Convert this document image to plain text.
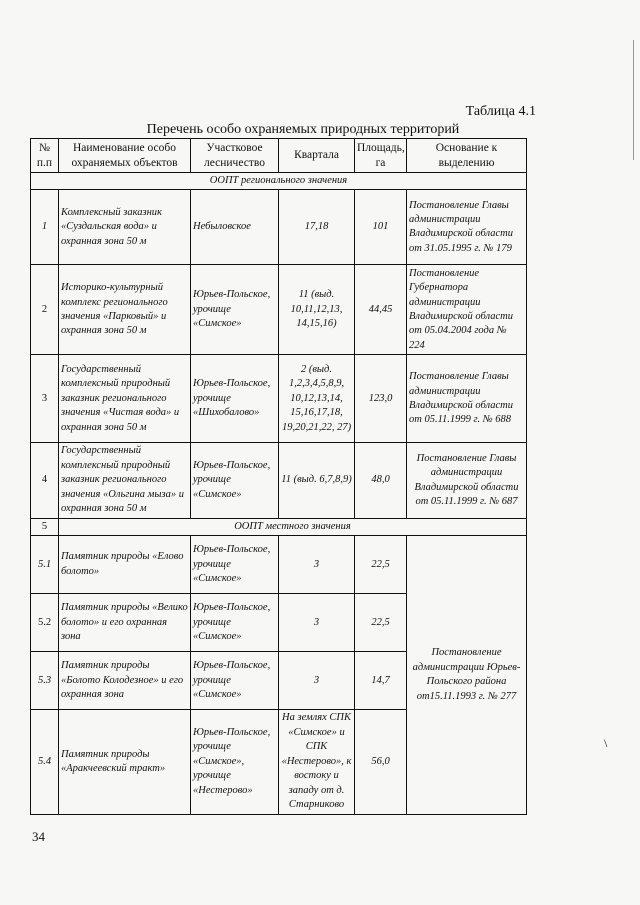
Таблица 4.1
Перечень особо охраняемых природных территорий
№ п.п	Наименование особо охраняемых объектов	Участковое лесничество	Квартала	Площадь, га	Основание к выделению
ООПТ регионального значения					
1	Комплексный заказник «Суздальская вода» и охранная зона 50 м	Небыловское	17,18	101	Постановление Главы администрации Владимирской области от 31.05.1995 г. № 179
2	Историко-культурный комплекс регионального значения «Парковый» и охранная зона 50 м	Юрьев-Польское, урочище «Симское»	11 (выд. 10,11,12,13, 14,15,16)	44,45	Постановление Губернатора администрации Владимирской области от 05.04.2004 года № 224
3	Государственный комплексный природный заказник регионального значения «Чистая вода» и охранная зона 50 м	Юрьев-Польское, урочище «Шихобалово»	2 (выд. 1,2,3,4,5,8,9, 10,12,13,14, 15,16,17,18, 19,20,21,22, 27)	123,0	Постановление Главы администрации Владимирской области от 05.11.1999 г. № 688
4	Государственный комплексный природный заказник регионального значения «Ольгина мыза» и охранная зона 50 м	Юрьев-Польское, урочище «Симское»	11 (выд. 6,7,8,9)	48,0	Постановление Главы администрации Владимирской области от 05.11.1999 г. № 687
5	ООПТ местного значения				
5.1	Памятник природы «Елово болото»	Юрьев-Польское, урочище «Симское»	3	22,5	Постановление администрации Юрьев-Польского района от15.11.1993 г. № 277
5.2	Памятник природы «Велико болото» и его охранная зона	Юрьев-Польское, урочище «Симское»	3	22,5	
5.3	Памятник природы «Болото Колодезное» и его охранная зона	Юрьев-Польское, урочище «Симское»	3	14,7	
5.4	Памятник природы «Аракчеевский тракт»	Юрьев-Польское, урочище «Симское», урочище «Нестерово»	На землях СПК «Симское» и СПК «Нестерово», к востоку и западу от д. Старниково	56,0	
\
34
